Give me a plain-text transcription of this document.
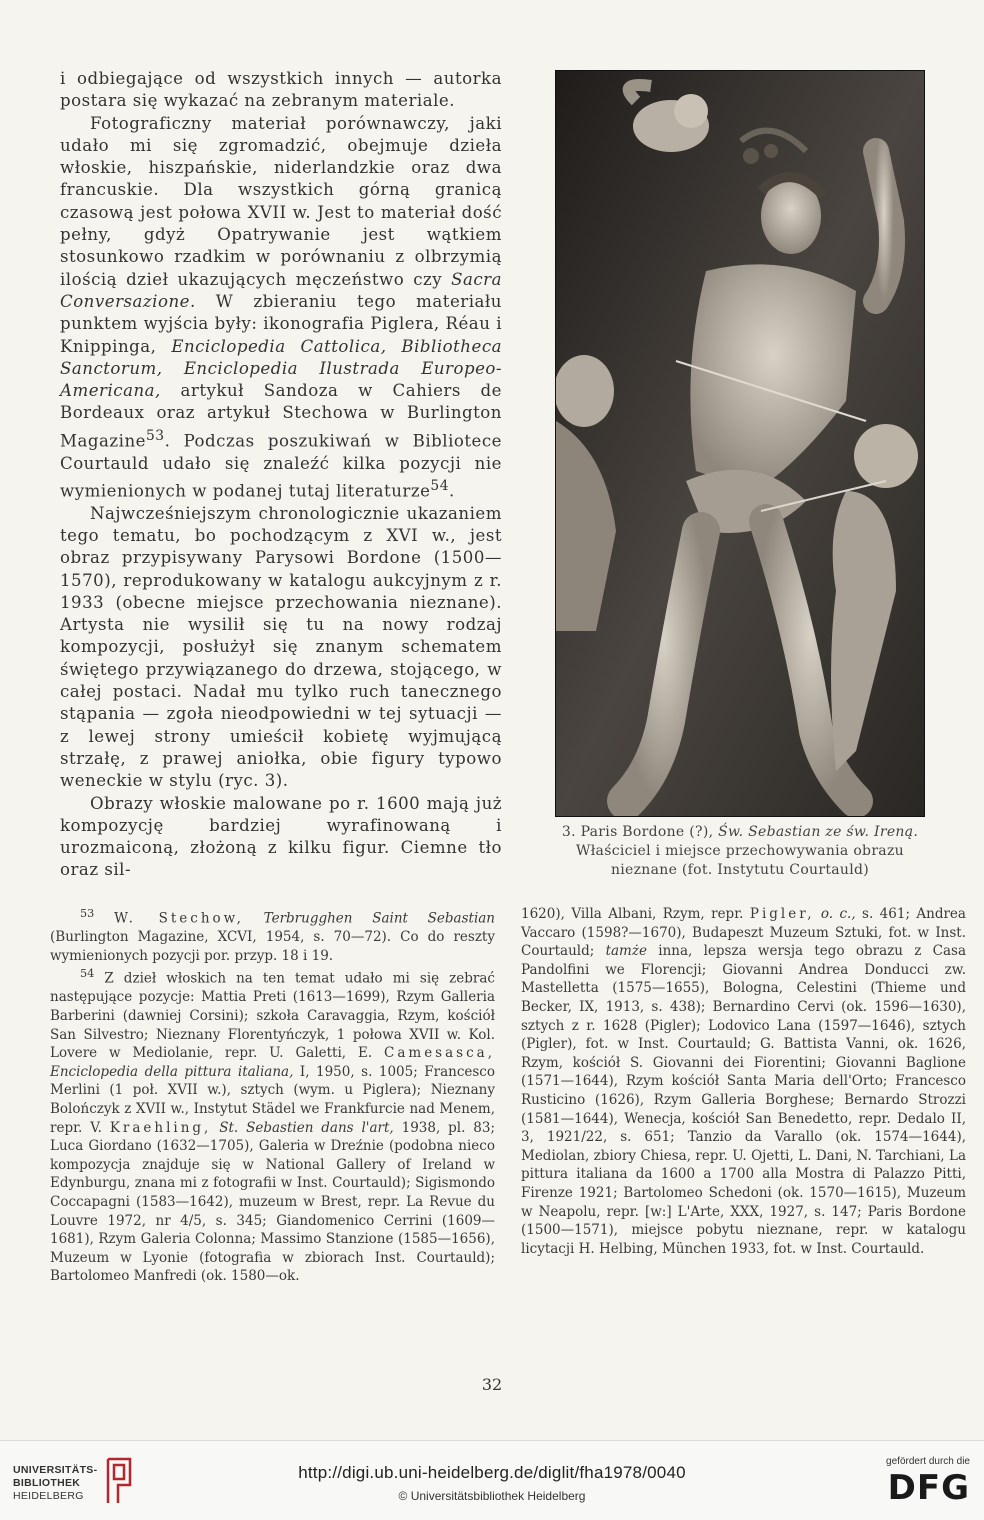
i odbiegające od wszystkich innych — autorka postara się wykazać na zebranym materiale.

Fotograficzny materiał porównawczy, jaki udało mi się zgromadzić, obejmuje dzieła włoskie, hiszpańskie, niderlandzkie oraz dwa francuskie. Dla wszystkich górną granicą czasową jest połowa XVII w. Jest to materiał dość pełny, gdyż Opatrywanie jest wątkiem stosunkowo rzadkim w porównaniu z olbrzymią ilością dzieł ukazujących męczeństwo czy Sacra Conversazione. W zbieraniu tego materiału punktem wyjścia były: ikonografia Piglera, Réau i Knippinga, Enciclopedia Cattolica, Bibliotheca Sanctorum, Enciclopedia Ilustrada Europeo-Americana, artykuł Sandoza w Cahiers de Bordeaux oraz artykuł Stechowa w Burlington Magazine$^{53}$. Podczas poszukiwań w Bibliotece Courtauld udało się znaleźć kilka pozycji nie wymienionych w podanej tutaj literaturze$^{54}$.

Najwcześniejszym chronologicznie ukazaniem tego tematu, bo pochodzącym z XVI w., jest obraz przypisywany Parysowi Bordone (1500—1570), reprodukowany w katalogu aukcyjnym z r. 1933 (obecne miejsce przechowania nieznane). Artysta nie wysilił się tu na nowy rodzaj kompozycji, posłużył się znanym schematem świętego przywiązanego do drzewa, stojącego, w całej postaci. Nadał mu tylko ruch tanecznego stąpania — zgoła nieodpowiedni w tej sytuacji — z lewej strony umieścił kobietę wyjmującą strzałę, z prawej aniołka, obie figury typowo weneckie w stylu (ryc. 3).

Obrazy włoskie malowane po r. 1600 mają już kompozycję bardziej wyrafinowaną i urozmaiconą, złożoną z kilku figur. Ciemne tło oraz sil-

3. Paris Bordone (?), Św. Sebastian ze św. Ireną. Właściciel i miejsce przechowywania obrazu nieznane (fot. Instytutu Courtauld)

$^{53}$ W. Stechow, Terbrugghen Saint Sebastian (Burlington Magazine, XCVI, 1954, s. 70—72). Co do reszty wymienionych pozycji por. przyp. 18 i 19.

$^{54}$ Z dzieł włoskich na ten temat udało mi się zebrać następujące pozycje: Mattia Preti (1613—1699), Rzym Galleria Barberini (dawniej Corsini); szkoła Caravaggia, Rzym, kościół San Silvestro; Nieznany Florentyńczyk, 1 połowa XVII w. Kol. Lovere w Mediolanie, repr. U. Galetti, E. Camesasca, Enciclopedia della pittura italiana, I, 1950, s. 1005; Francesco Merlini (1 poł. XVII w.), sztych (wym. u Piglera); Nieznany Bolończyk z XVII w., Instytut Städel we Frankfurcie nad Menem, repr. V. Kraehling, St. Sebastien dans l'art, 1938, pl. 83; Luca Giordano (1632—1705), Galeria w Dreźnie (podobna nieco kompozycja znajduje się w National Gallery of Ireland w Edynburgu, znana mi z fotografii w Inst. Courtauld); Sigismondo Coccapagni (1583—1642), muzeum w Brest, repr. La Revue du Louvre 1972, nr 4/5, s. 345; Giandomenico Cerrini (1609—1681), Rzym Galeria Colonna; Massimo Stanzione (1585—1656), Muzeum w Lyonie (fotografia w zbiorach Inst. Courtauld); Bartolomeo Manfredi (ok. 1580—ok.

1620), Villa Albani, Rzym, repr. Pigler, o. c., s. 461; Andrea Vaccaro (1598?—1670), Budapeszt Muzeum Sztuki, fot. w Inst. Courtauld; tamże inna, lepsza wersja tego obrazu z Casa Pandolfini we Florencji; Giovanni Andrea Donducci zw. Mastelletta (1575—1655), Bologna, Celestini (Thieme und Becker, IX, 1913, s. 438); Bernardino Cervi (ok. 1596—1630), sztych z r. 1628 (Pigler); Lodovico Lana (1597—1646), sztych (Pigler), fot. w Inst. Courtauld; G. Battista Vanni, ok. 1626, Rzym, kościół S. Giovanni dei Fiorentini; Giovanni Baglione (1571—1644), Rzym kościół Santa Maria dell'Orto; Francesco Rusticino (1626), Rzym Galleria Borghese; Bernardo Strozzi (1581—1644), Wenecja, kościół San Benedetto, repr. Dedalo II, 3, 1921/22, s. 651; Tanzio da Varallo (ok. 1574—1644), Mediolan, zbiory Chiesa, repr. U. Ojetti, L. Dani, N. Tarchiani, La pittura italiana da 1600 a 1700 alla Mostra di Palazzo Pitti, Firenze 1921; Bartolomeo Schedoni (ok. 1570—1615), Muzeum w Neapolu, repr. [w:] L'Arte, XXX, 1927, s. 147; Paris Bordone (1500—1571), miejsce pobytu nieznane, repr. w katalogu licytacji H. Helbing, München 1933, fot. w Inst. Courtauld.

32
UNIVERSITÄTS-
BIBLIOTHEK
HEIDELBERG
http://digi.ub.uni-heidelberg.de/diglit/fha1978/0040
© Universitätsbibliothek Heidelberg
gefördert durch die
DFG
